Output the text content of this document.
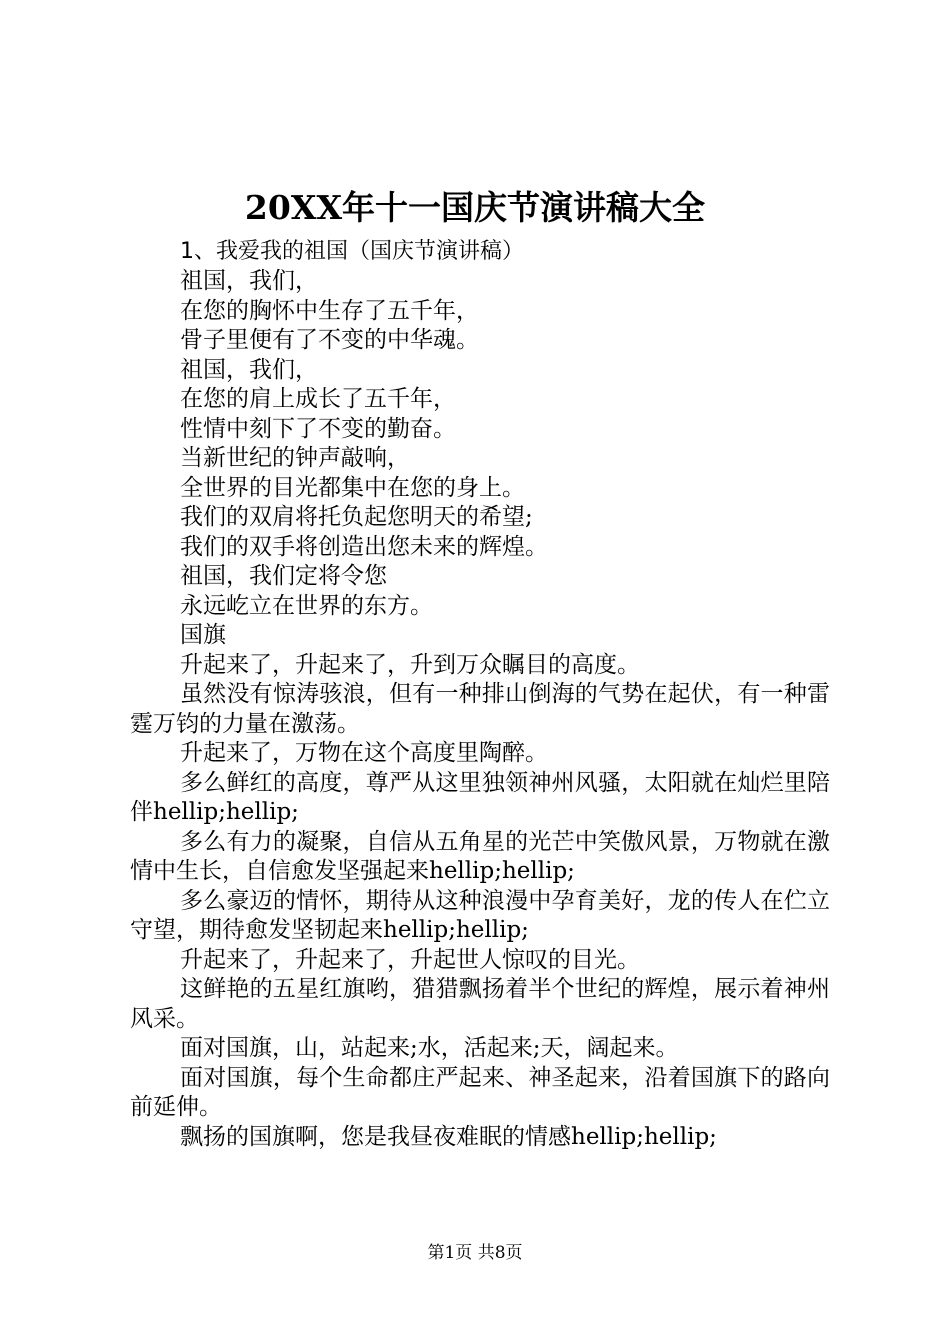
20XX年十一国庆节演讲稿大全
1、我爱我的祖国（国庆节演讲稿）

祖国，我们，

在您的胸怀中生存了五千年，

骨子里便有了不变的中华魂。

祖国，我们，

在您的肩上成长了五千年，

性情中刻下了不变的勤奋。

当新世纪的钟声敲响，

全世界的目光都集中在您的身上。

我们的双肩将托负起您明天的希望;

我们的双手将创造出您未来的辉煌。

祖国，我们定将令您

永远屹立在世界的东方。

国旗

升起来了，升起来了，升到万众瞩目的高度。

虽然没有惊涛骇浪，但有一种排山倒海的气势在起伏，有一种雷霆万钧的力量在激荡。

升起来了，万物在这个高度里陶醉。

多么鲜红的高度，尊严从这里独领神州风骚，太阳就在灿烂里陪伴hellip;hellip;

多么有力的凝聚，自信从五角星的光芒中笑傲风景，万物就在激情中生长，自信愈发坚强起来hellip;hellip;

多么豪迈的情怀，期待从这种浪漫中孕育美好，龙的传人在伫立守望，期待愈发坚韧起来hellip;hellip;

升起来了，升起来了，升起世人惊叹的目光。

这鲜艳的五星红旗哟，猎猎飘扬着半个世纪的辉煌，展示着神州风采。

面对国旗，山，站起来;水，活起来;天，阔起来。

面对国旗，每个生命都庄严起来、神圣起来，沿着国旗下的路向前延伸。

飘扬的国旗啊，您是我昼夜难眠的情感hellip;hellip;

第1页 共8页
